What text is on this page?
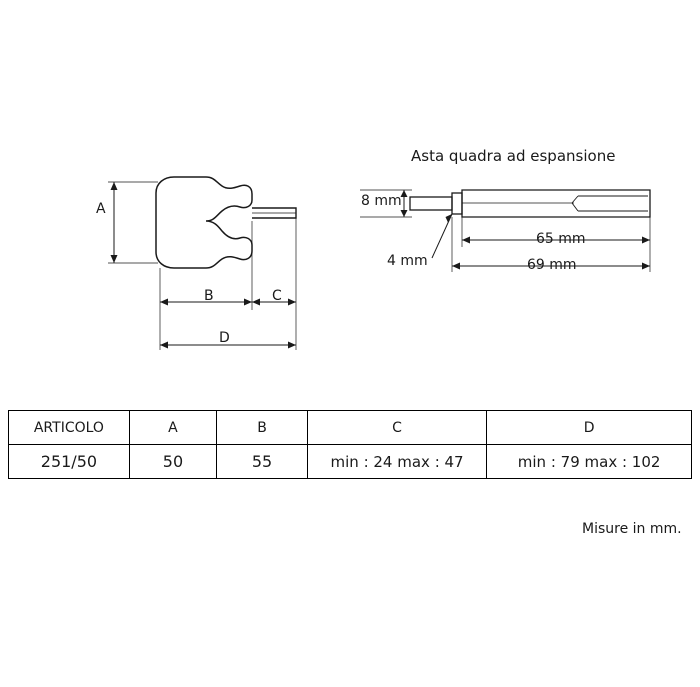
Asta quadra ad espansione
A
B	C
D
8 mm
4 mm
65 mm
69 mm
ARTICOLO	A	B	C	D
251/50	50	55	min : 24 max : 47	min : 79 max : 102
Misure in mm.
